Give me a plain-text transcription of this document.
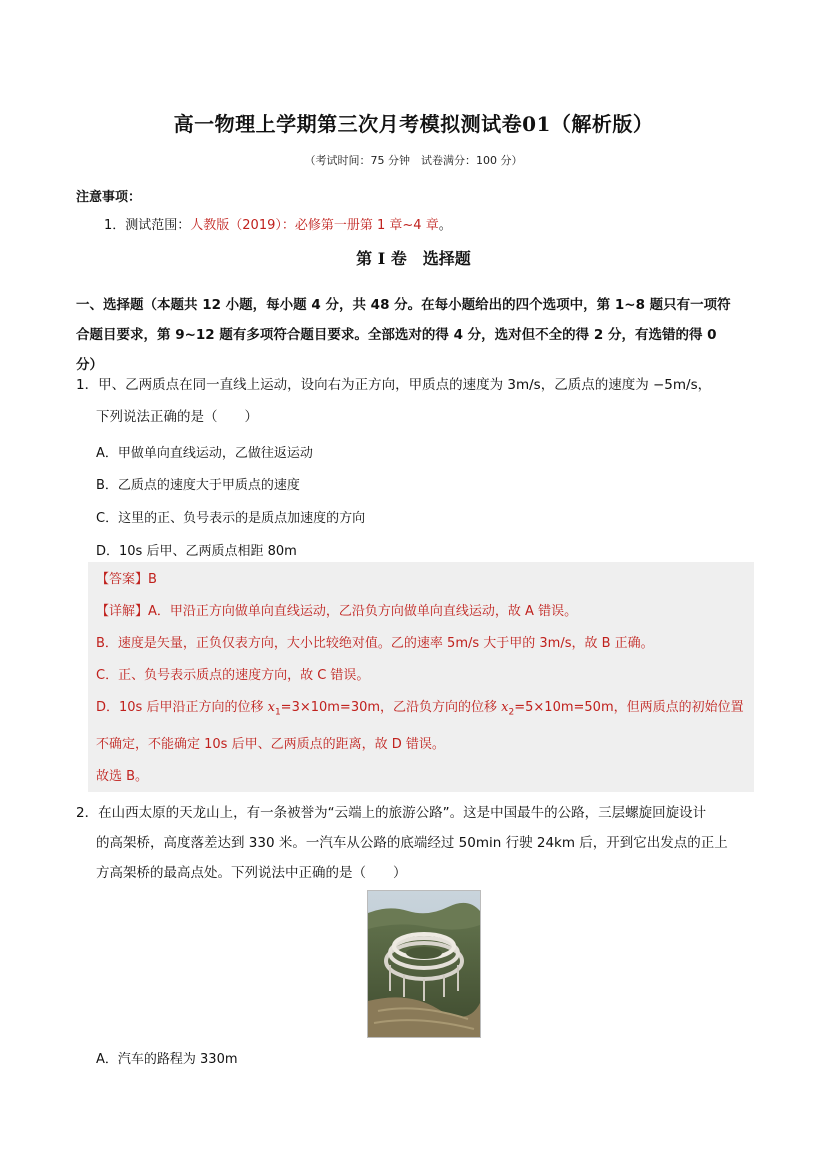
高一物理上学期第三次月考模拟测试卷01（解析版）
（考试时间：75 分钟　试卷满分：100 分）
注意事项：
1．测试范围：人教版（2019）：必修第一册第 1 章~4 章。
第 I 卷　选择题
一、选择题（本题共 12 小题，每小题 4 分，共 48 分。在每小题给出的四个选项中，第 1~8 题只有一项符
合题目要求，第 9~12 题有多项符合题目要求。全部选对的得 4 分，选对但不全的得 2 分，有选错的得 0
分）
1．甲、乙两质点在同一直线上运动，设向右为正方向，甲质点的速度为 3m/s，乙质点的速度为 −5m/s，
下列说法正确的是（　　）
A．甲做单向直线运动，乙做往返运动
B．乙质点的速度大于甲质点的速度
C．这里的正、负号表示的是质点加速度的方向
D．10s 后甲、乙两质点相距 80m
【答案】B
【详解】A．甲沿正方向做单向直线运动，乙沿负方向做单向直线运动，故 A 错误。
B．速度是矢量，正负仅表方向，大小比较绝对值。乙的速率 5m/s 大于甲的 3m/s，故 B 正确。
C．正、负号表示质点的速度方向，故 C 错误。
D．10s 后甲沿正方向的位移 $x_1=3\times 10m=30m$，乙沿负方向的位移 $x_2=5\times 10m=50m$，但两质点的初始位置
不确定，不能确定 10s 后甲、乙两质点的距离，故 D 错误。
故选 B。
2．在山西太原的天龙山上，有一条被誉为“云端上的旅游公路”。这是中国最牛的公路，三层螺旋回旋设计
的高架桥，高度落差达到 330 米。一汽车从公路的底端经过 50min 行驶 24km 后，开到它出发点的正上
方高架桥的最高点处。下列说法中正确的是（　　）
A．汽车的路程为 330m
